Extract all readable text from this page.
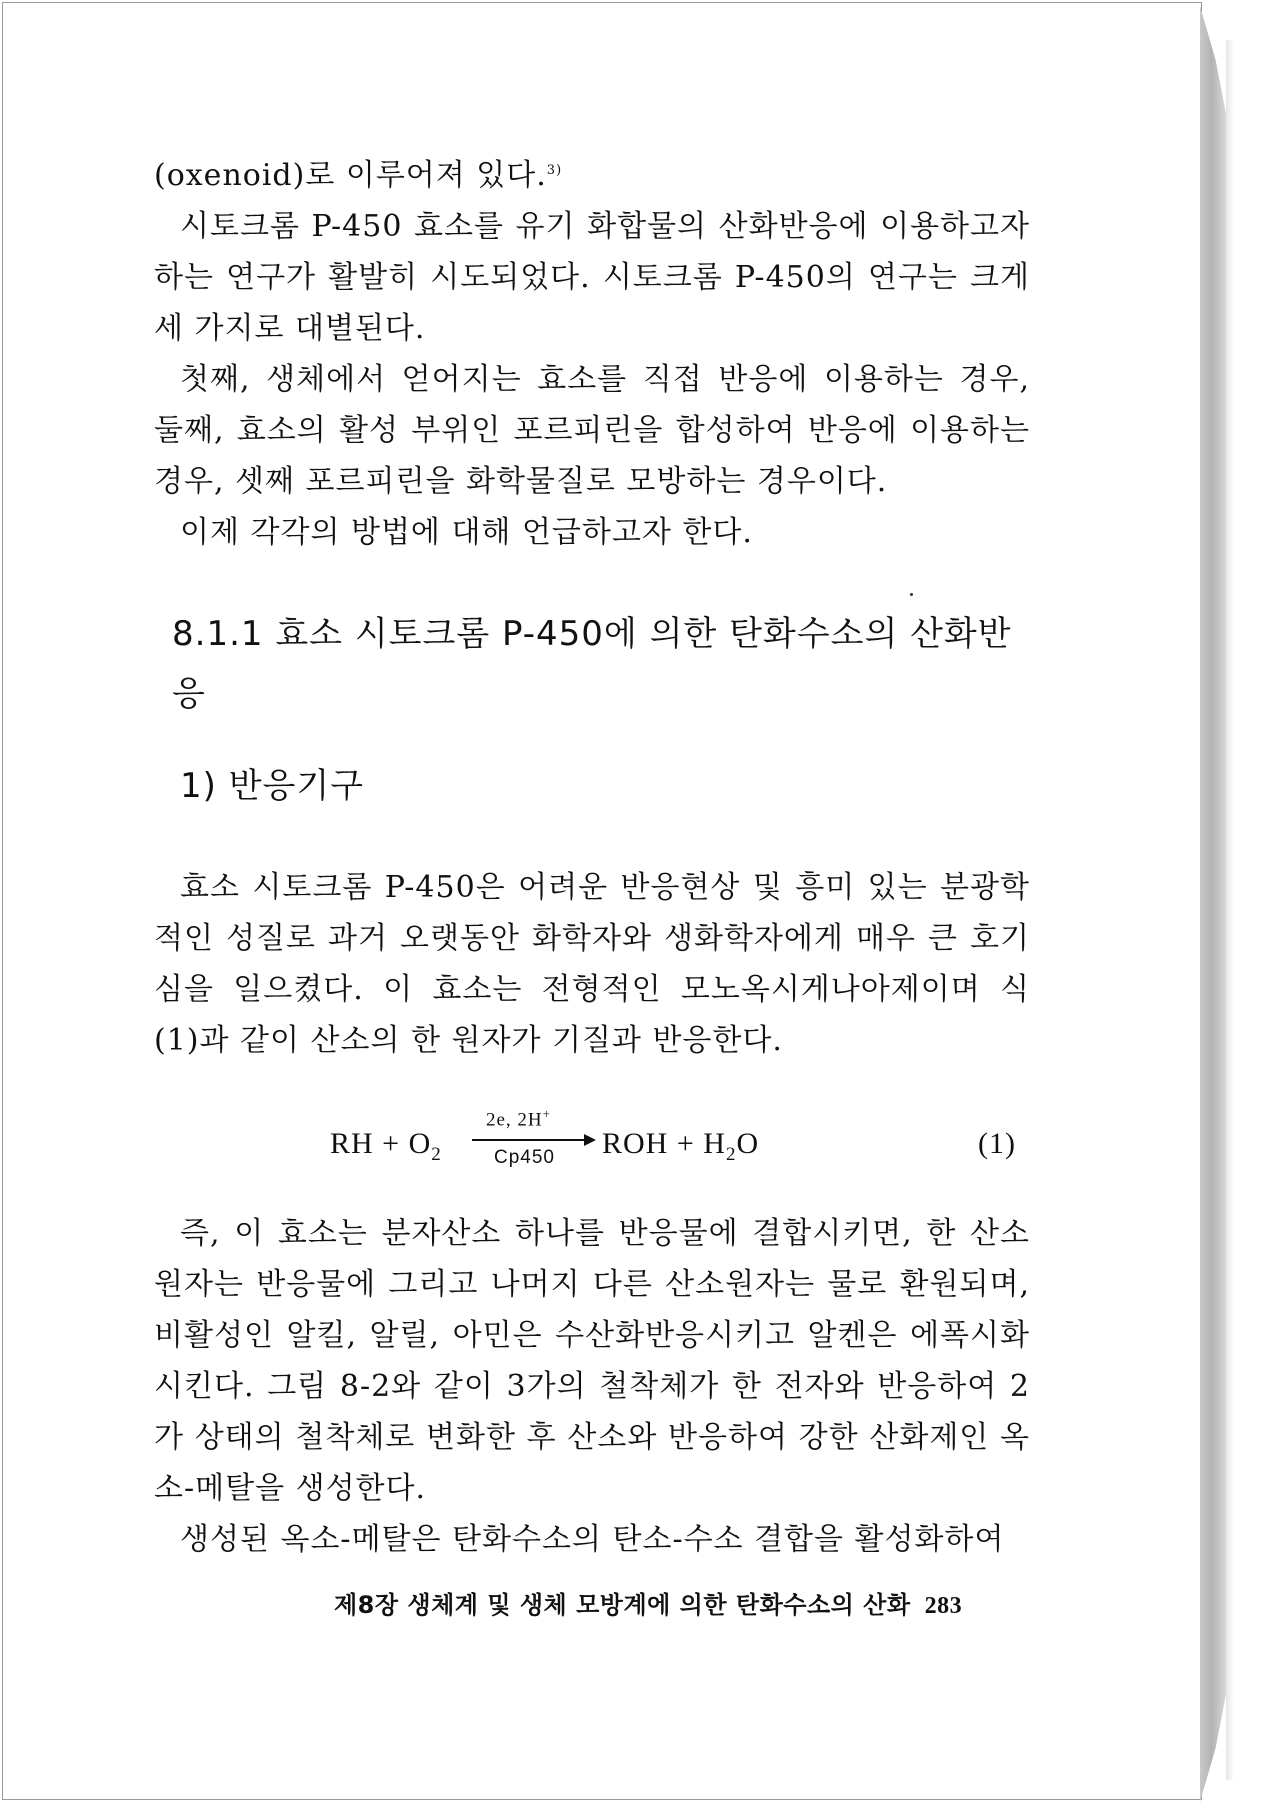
(oxenoid)로 이루어져 있다.$^{3)}$

시토크롬 P-450 효소를 유기 화합물의 산화반응에 이용하고자 하는 연구가 활발히 시도되었다. 시토크롬 P-450의 연구는 크게 세 가지로 대별된다.

첫째, 생체에서 얻어지는 효소를 직접 반응에 이용하는 경우, 둘째, 효소의 활성 부위인 포르피린을 합성하여 반응에 이용하는 경우, 셋째 포르피린을 화학물질로 모방하는 경우이다.

이제 각각의 방법에 대해 언급하고자 한다.

8.1.1 효소 시토크롬 P-450에 의한 탄화수소의 산화반응
1) 반응기구

효소 시토크롬 P-450은 어려운 반응현상 및 흥미 있는 분광학적인 성질로 과거 오랫동안 화학자와 생화학자에게 매우 큰 호기심을 일으켰다. 이 효소는 전형적인 모노옥시게나아제이며 식 (1)과 같이 산소의 한 원자가 기질과 반응한다.

RH + $O_2$
2e, 2H+
Cp450 ROH + $H_2O$	(1)

즉, 이 효소는 분자산소 하나를 반응물에 결합시키면, 한 산소원자는 반응물에 그리고 나머지 다른 산소원자는 물로 환원되며, 비활성인 알킬, 알릴, 아민은 수산화반응시키고 알켄은 에폭시화시킨다. 그림 8-2와 같이 3가의 철착체가 한 전자와 반응하여 2가 상태의 철착체로 변화한 후 산소와 반응하여 강한 산화제인 옥소-메탈을 생성한다.

생성된 옥소-메탈은 탄화수소의 탄소-수소 결합을 활성화하여

제8장 생체계 및 생체 모방계에 의한 탄화수소의 산화 283
